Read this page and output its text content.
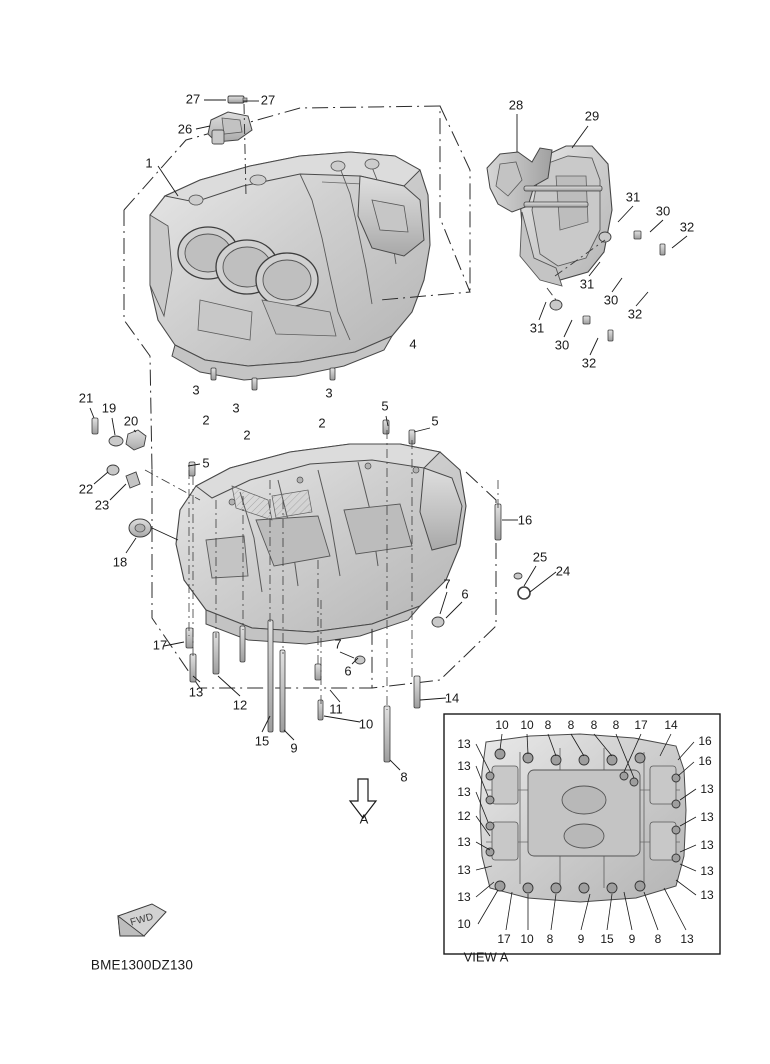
1
27	27
26
28
29
31
30
32
31
30
32
31
30
32
4
3
2
3
2
3
2
21
19
20
22
23
18
5
5
5
16
25
24
7
6
7
6
17
13
12
15 9
11
10
14
8
10 10 8 8 8 8 17 14
13	16
13	16
13	13
12	13
13	13
13	13
13	13
10
17 10 8 9 15 9 8 13
A
VIEW A
BME1300DZ130
FWD
